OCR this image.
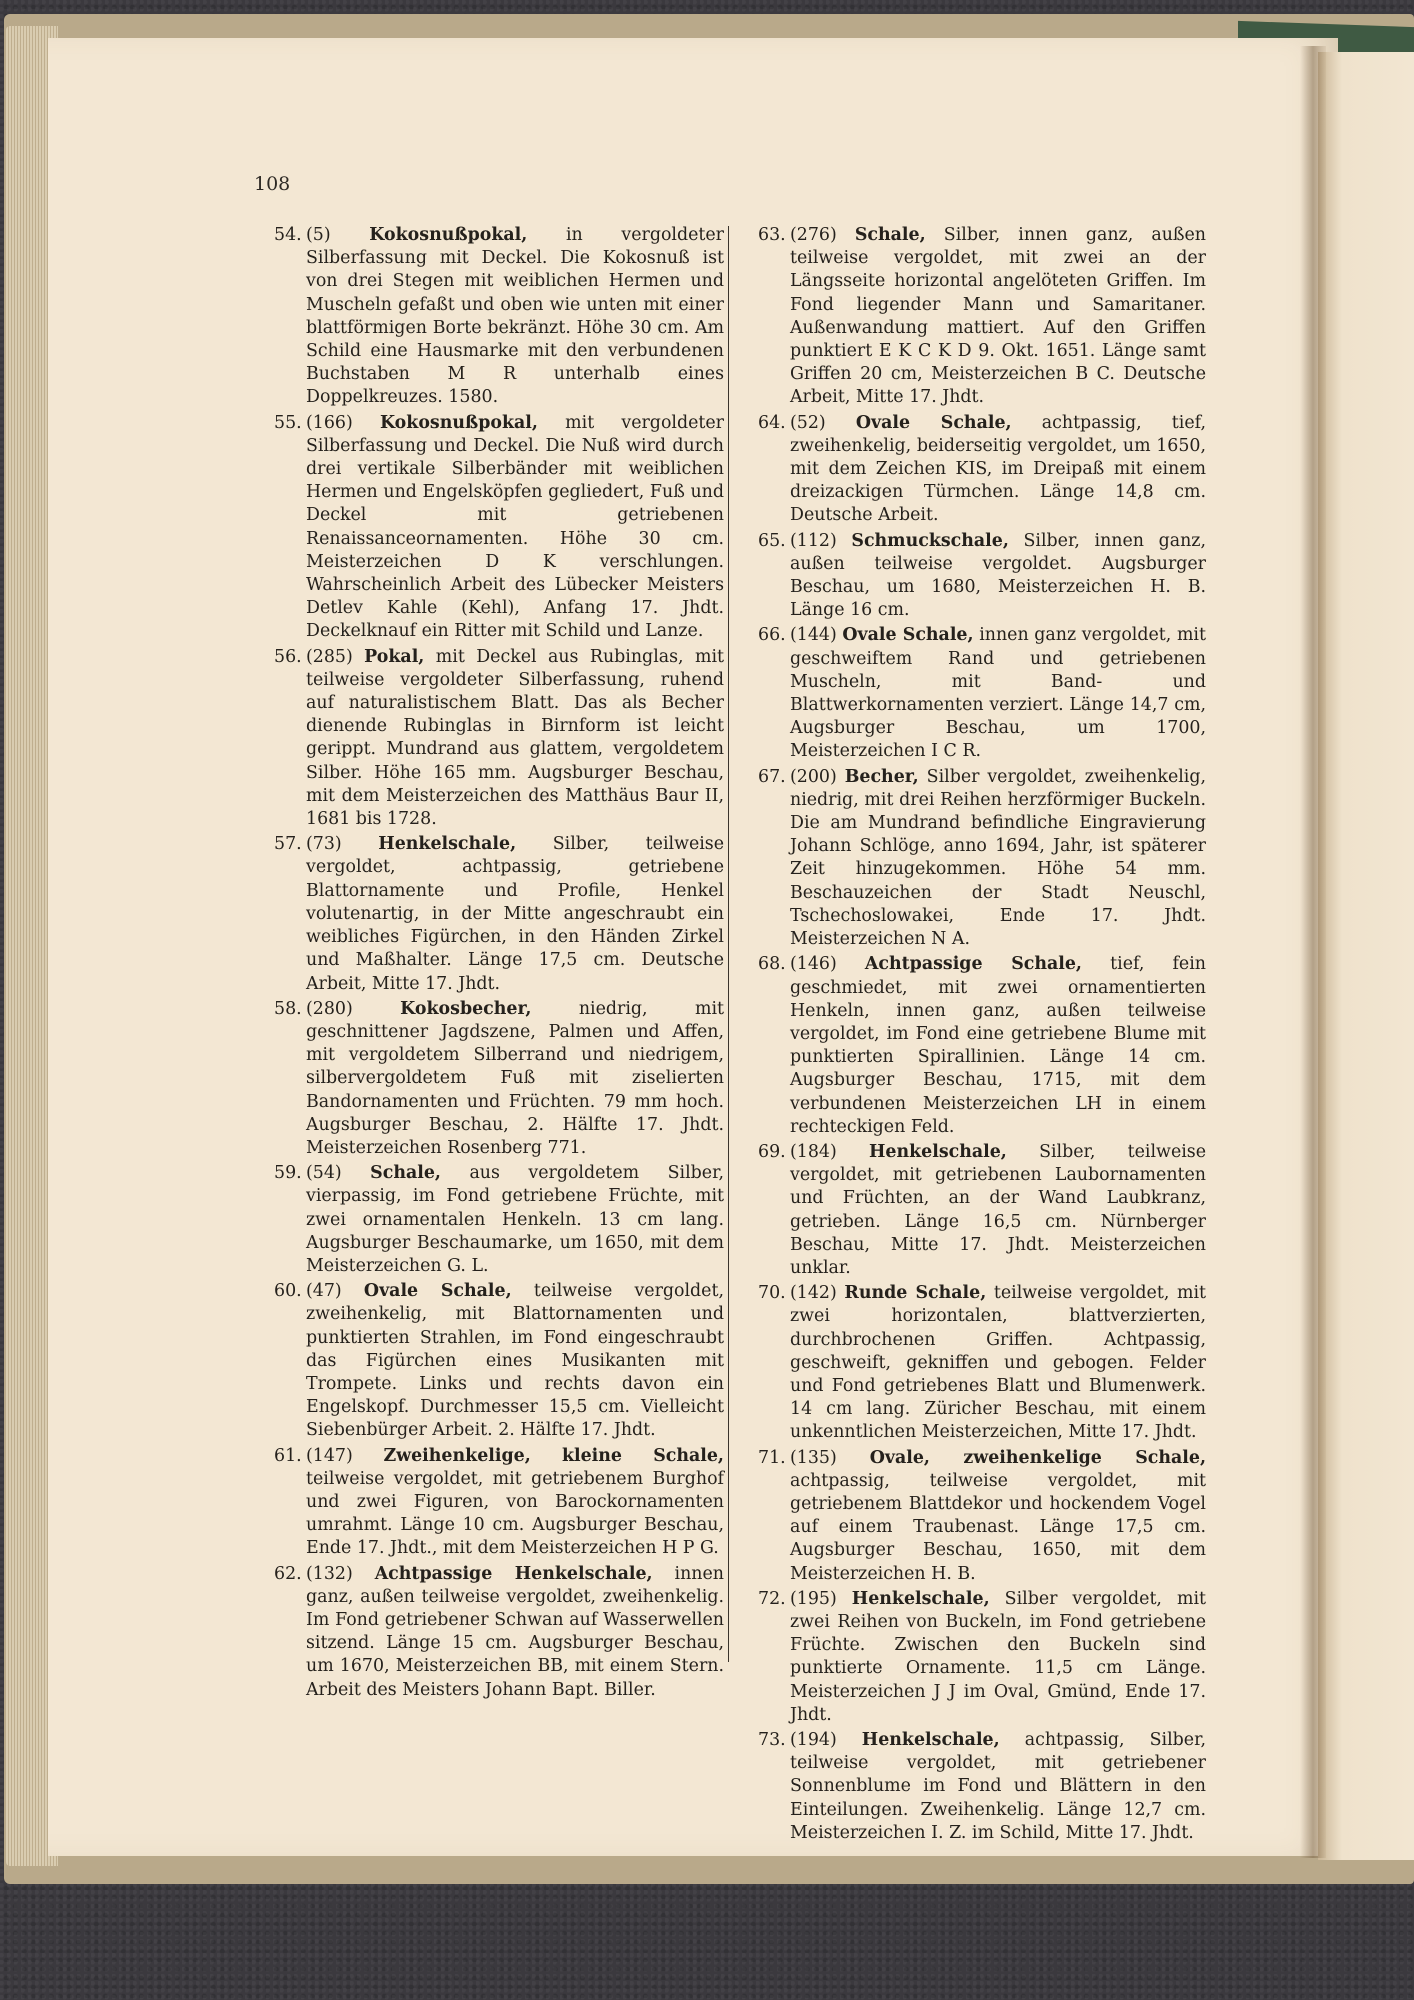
108
54. (5) Kokosnußpokal, in vergoldeter Silberfassung mit Deckel. Die Kokosnuß ist von drei Stegen mit weiblichen Hermen und Muscheln gefaßt und oben wie unten mit einer blattförmigen Borte bekränzt. Höhe 30 cm. Am Schild eine Hausmarke mit den verbundenen Buchstaben M R unterhalb eines Doppelkreuzes. 1580.
55. (166) Kokosnußpokal, mit vergoldeter Silberfassung und Deckel. Die Nuß wird durch drei vertikale Silberbänder mit weiblichen Hermen und Engelsköpfen gegliedert, Fuß und Deckel mit getriebenen Renaissanceornamenten. Höhe 30 cm. Meisterzeichen D K verschlungen. Wahrscheinlich Arbeit des Lübecker Meisters Detlev Kahle (Kehl), Anfang 17. Jhdt. Deckelknauf ein Ritter mit Schild und Lanze.
56. (285) Pokal, mit Deckel aus Rubinglas, mit teilweise vergoldeter Silberfassung, ruhend auf naturalistischem Blatt. Das als Becher dienende Rubinglas in Birnform ist leicht gerippt. Mundrand aus glattem, vergoldetem Silber. Höhe 165 mm. Augsburger Beschau, mit dem Meisterzeichen des Matthäus Baur II, 1681 bis 1728.
57. (73) Henkelschale, Silber, teilweise vergoldet, achtpassig, getriebene Blattornamente und Profile, Henkel volutenartig, in der Mitte angeschraubt ein weibliches Figürchen, in den Händen Zirkel und Maßhalter. Länge 17,5 cm. Deutsche Arbeit, Mitte 17. Jhdt.
58. (280)	Kokosbecher,	niedrig, mit geschnittener Jagdszene, Palmen und Affen, mit vergoldetem Silberrand und niedrigem, silbervergoldetem Fuß mit ziselierten Bandornamenten und Früchten. 79 mm hoch. Augsburger Beschau, 2. Hälfte 17. Jhdt. Meisterzeichen Rosenberg 771.
59. (54) Schale, aus vergoldetem Silber, vierpassig, im Fond getriebene Früchte, mit zwei ornamentalen Henkeln. 13 cm lang. Augsburger Beschaumarke, um 1650, mit dem Meisterzeichen G. L.
60. (47) Ovale Schale, teilweise vergoldet, zweihenkelig, mit Blattornamenten und punktierten Strahlen, im Fond eingeschraubt das Figürchen eines Musikanten mit Trompete. Links und rechts davon ein Engelskopf. Durchmesser 15,5 cm. Vielleicht Siebenbürger Arbeit. 2. Hälfte 17. Jhdt.
61. (147) Zweihenkelige, kleine Schale, teilweise vergoldet, mit getriebenem Burghof und zwei Figuren, von Barockornamenten umrahmt. Länge 10 cm. Augsburger Beschau, Ende 17. Jhdt., mit dem Meisterzeichen H P G.
62. (132) Achtpassige Henkelschale, innen ganz, außen teilweise vergoldet, zweihenkelig. Im Fond getriebener Schwan auf Wasserwellen sitzend. Länge 15 cm. Augsburger Beschau, um 1670, Meisterzeichen BB, mit einem Stern. Arbeit des Meisters Johann Bapt. Biller.
63. (276) Schale, Silber, innen ganz, außen teilweise vergoldet, mit zwei an der Längsseite horizontal angelöteten Griffen. Im Fond liegender Mann und Samaritaner. Außenwandung mattiert. Auf den Griffen punktiert E K C K D 9. Okt. 1651. Länge samt Griffen 20 cm, Meisterzeichen B C. Deutsche Arbeit, Mitte 17. Jhdt.
64. (52) Ovale Schale, achtpassig, tief, zweihenkelig, beiderseitig vergoldet, um 1650, mit dem Zeichen KIS, im Dreipaß mit einem dreizackigen Türmchen. Länge 14,8 cm. Deutsche Arbeit.
65. (112) Schmuckschale, Silber, innen ganz, außen teilweise vergoldet. Augsburger Beschau, um 1680, Meisterzeichen H. B. Länge 16 cm.
66. (144) Ovale Schale, innen ganz vergoldet, mit geschweiftem Rand und getriebenen Muscheln, mit Band- und Blattwerkornamenten verziert. Länge 14,7 cm, Augsburger Beschau, um 1700, Meisterzeichen I C R.
67. (200) Becher, Silber vergoldet, zweihenkelig, niedrig, mit drei Reihen herzförmiger Buckeln. Die am Mundrand befindliche Eingravierung Johann Schlöge, anno 1694, Jahr, ist späterer Zeit hinzugekommen. Höhe 54 mm. Beschauzeichen der Stadt Neuschl, Tschechoslowakei, Ende 17. Jhdt. Meisterzeichen N A.
68. (146) Achtpassige Schale, tief, fein geschmiedet, mit zwei ornamentierten Henkeln, innen ganz, außen teilweise vergoldet, im Fond eine getriebene Blume mit punktierten Spirallinien. Länge 14 cm. Augsburger Beschau, 1715, mit dem verbundenen Meisterzeichen LH in einem rechteckigen Feld.
69. (184) Henkelschale, Silber, teilweise vergoldet, mit getriebenen Laubornamenten und Früchten, an der Wand Laubkranz, getrieben. Länge 16,5 cm. Nürnberger Beschau, Mitte 17. Jhdt. Meisterzeichen unklar.
70. (142) Runde Schale, teilweise vergoldet, mit zwei horizontalen, blattverzierten, durchbrochenen Griffen. Achtpassig, geschweift, gekniffen und gebogen. Felder und Fond getriebenes Blatt und Blumenwerk. 14 cm lang. Züricher Beschau, mit einem unkenntlichen Meisterzeichen, Mitte 17. Jhdt.
71. (135) Ovale, zweihenkelige Schale, achtpassig, teilweise vergoldet, mit getriebenem Blattdekor und hockendem Vogel auf einem Traubenast. Länge 17,5 cm. Augsburger Beschau, 1650, mit dem Meisterzeichen H. B.
72. (195) Henkelschale, Silber vergoldet, mit zwei Reihen von Buckeln, im Fond getriebene Früchte. Zwischen den Buckeln sind punktierte Ornamente. 11,5 cm Länge. Meisterzeichen J J im Oval, Gmünd, Ende 17. Jhdt.
73. (194) Henkelschale, achtpassig, Silber, teilweise vergoldet, mit getriebener Sonnenblume im Fond und Blättern in den Einteilungen. Zweihenkelig. Länge 12,7 cm. Meisterzeichen I. Z. im Schild, Mitte 17. Jhdt.
